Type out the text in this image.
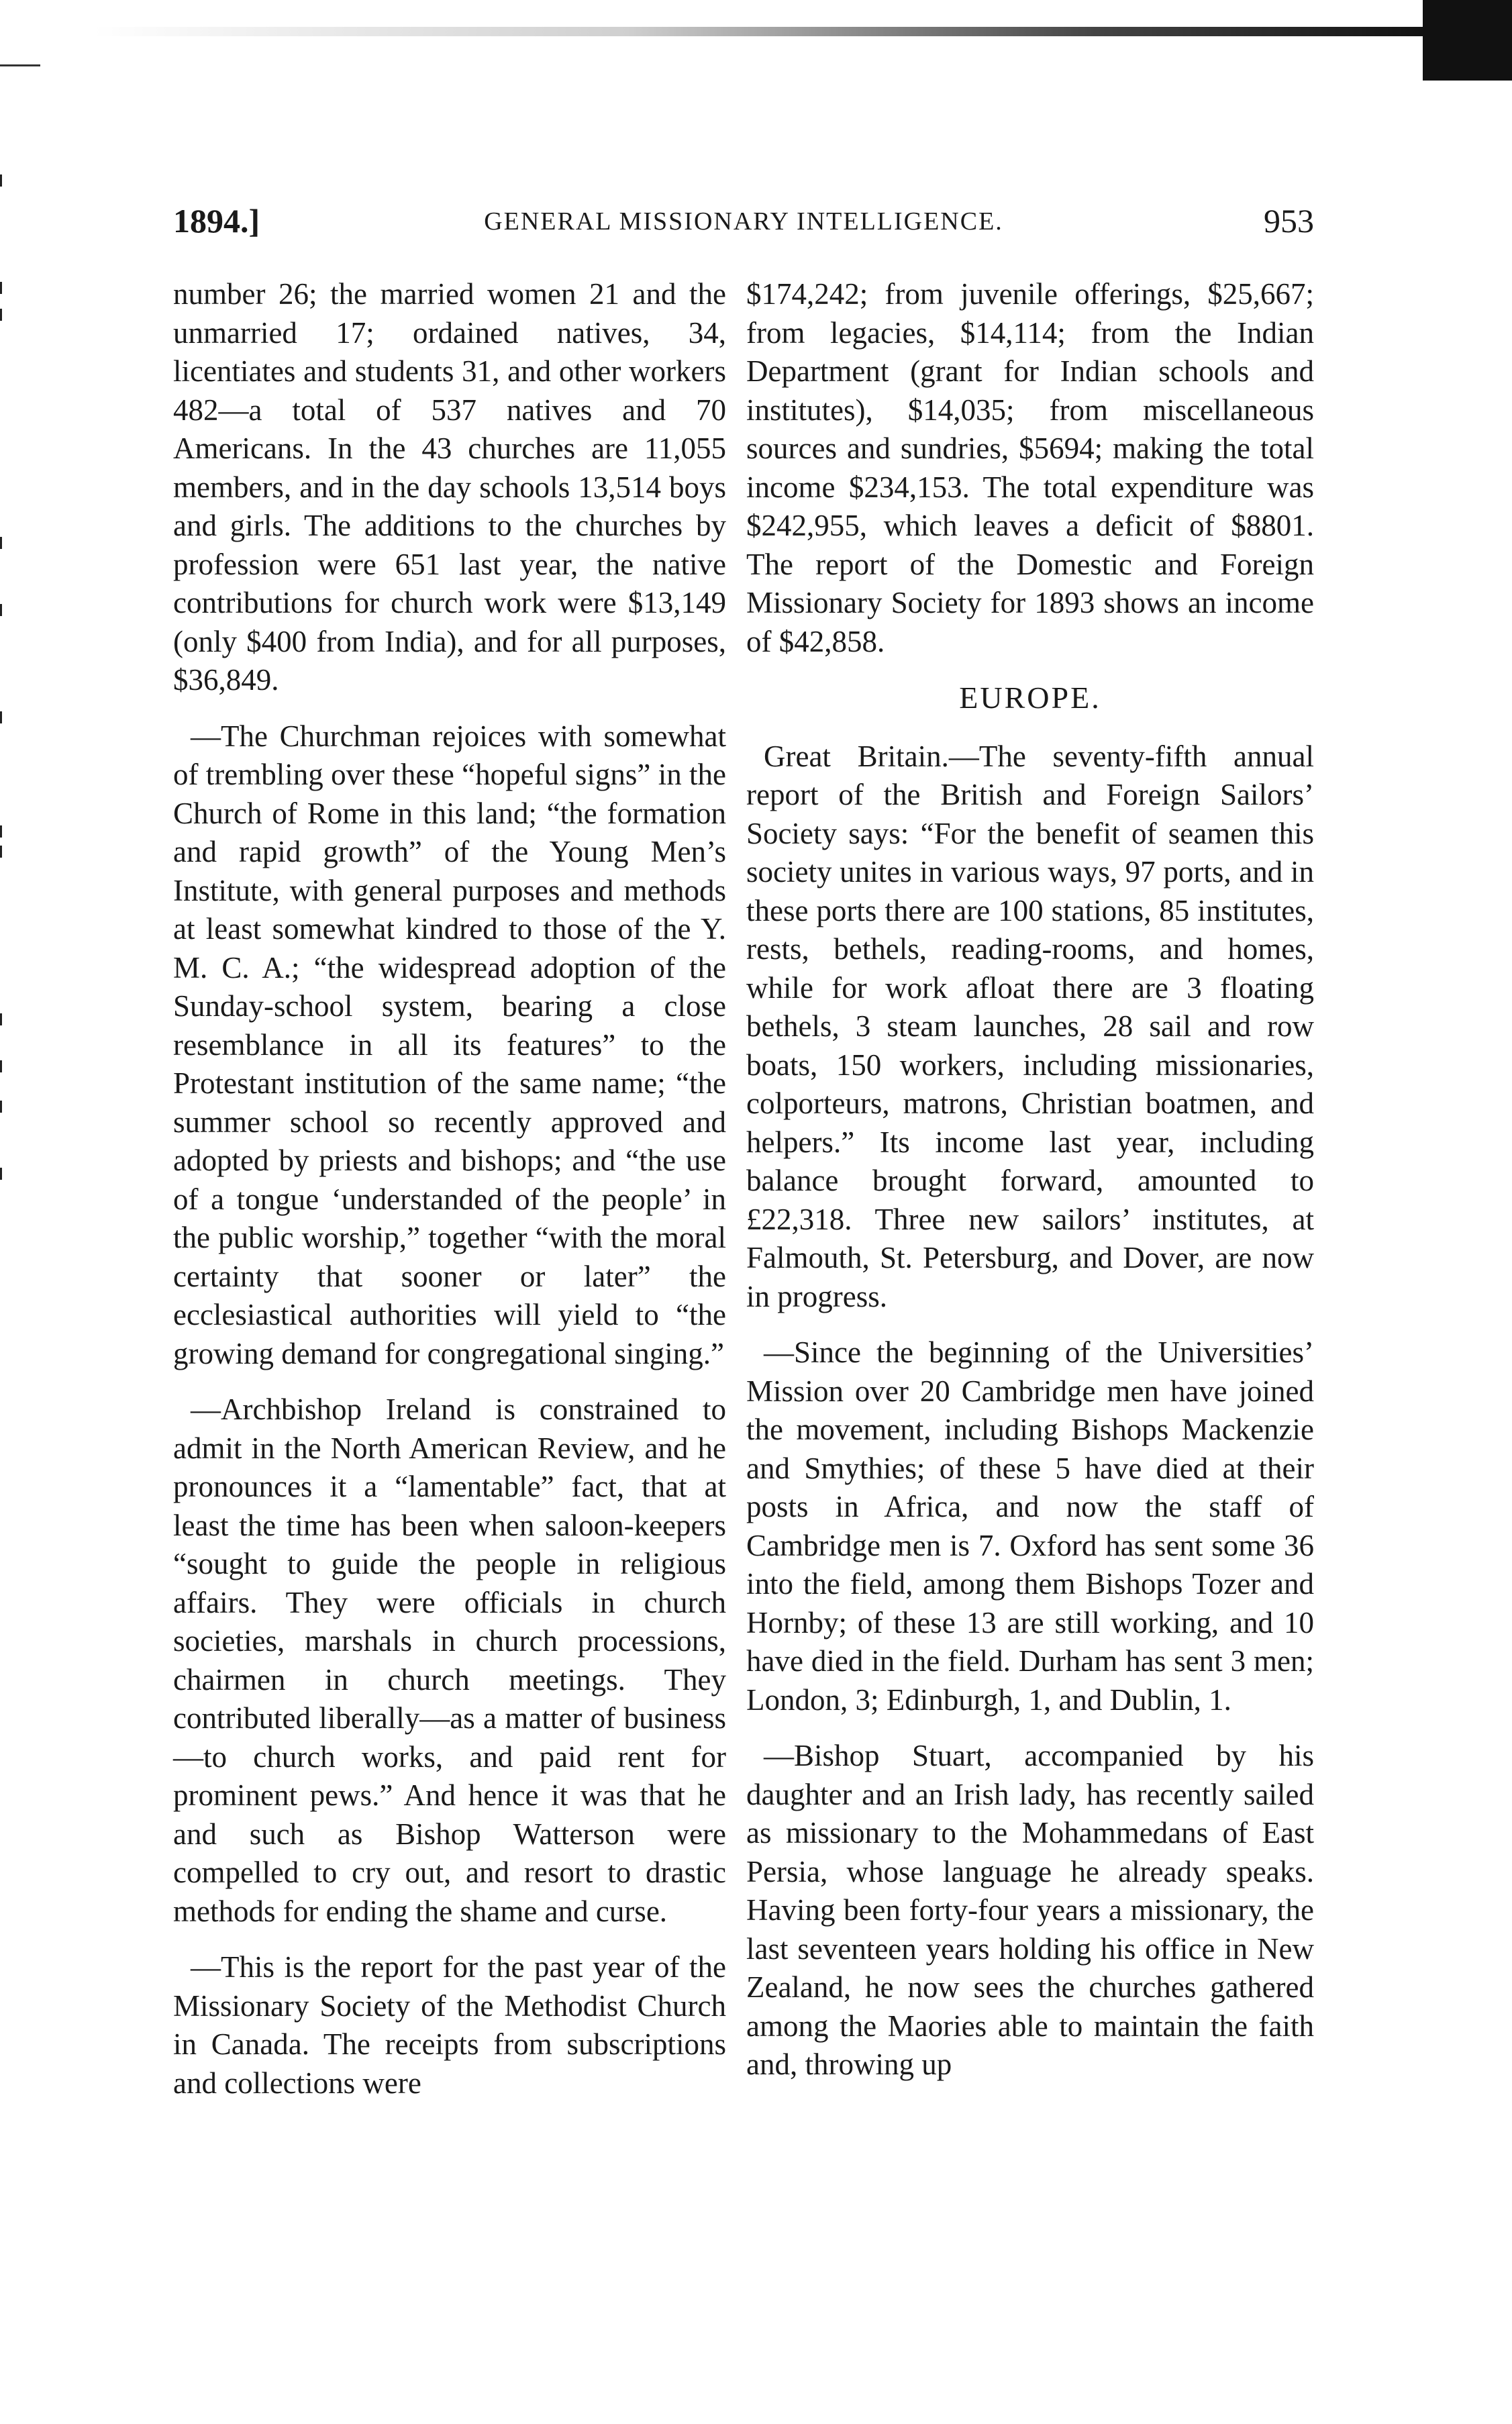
1894.]	GENERAL MISSIONARY INTELLIGENCE.	953

number 26; the married women 21 and the unmarried 17; ordained natives, 34, licentiates and students 31, and other workers 482—a total of 537 natives and 70 Americans. In the 43 churches are 11,055 members, and in the day schools 13,514 boys and girls. The additions to the churches by profession were 651 last year, the native contributions for church work were $13,149 (only $400 from India), and for all purposes, $36,849.

—The Churchman rejoices with somewhat of trembling over these “hopeful signs” in the Church of Rome in this land; “the formation and rapid growth” of the Young Men’s Institute, with general purposes and methods at least somewhat kindred to those of the Y. M. C. A.; “the widespread adoption of the Sunday-school system, bearing a close resemblance in all its features” to the Protestant institution of the same name; “the summer school so recently approved and adopted by priests and bishops; and “the use of a tongue ‘understanded of the people’ in the public worship,” together “with the moral certainty that sooner or later” the ecclesiastical authorities will yield to “the growing demand for congregational singing.”

—Archbishop Ireland is constrained to admit in the North American Review, and he pronounces it a “lamentable” fact, that at least the time has been when saloon-keepers “sought to guide the people in religious affairs. They were officials in church societies, marshals in church processions, chairmen in church meetings. They contributed liberally—as a matter of business—to church works, and paid rent for prominent pews.” And hence it was that he and such as Bishop Watterson were compelled to cry out, and resort to drastic methods for ending the shame and curse.

—This is the report for the past year of the Missionary Society of the Methodist Church in Canada. The receipts from subscriptions and collections were

$174,242; from juvenile offerings, $25,667; from legacies, $14,114; from the Indian Department (grant for Indian schools and institutes), $14,035; from miscellaneous sources and sundries, $5694; making the total income $234,153. The total expenditure was $242,955, which leaves a deficit of $8801. The report of the Domestic and Foreign Missionary Society for 1893 shows an income of $42,858.

EUROPE.

Great Britain.—The seventy-fifth annual report of the British and Foreign Sailors’ Society says: “For the benefit of seamen this society unites in various ways, 97 ports, and in these ports there are 100 stations, 85 institutes, rests, bethels, reading-rooms, and homes, while for work afloat there are 3 floating bethels, 3 steam launches, 28 sail and row boats, 150 workers, including missionaries, colporteurs, matrons, Christian boatmen, and helpers.” Its income last year, including balance brought forward, amounted to £22,318. Three new sailors’ institutes, at Falmouth, St. Petersburg, and Dover, are now in progress.

—Since the beginning of the Universities’ Mission over 20 Cambridge men have joined the movement, including Bishops Mackenzie and Smythies; of these 5 have died at their posts in Africa, and now the staff of Cambridge men is 7. Oxford has sent some 36 into the field, among them Bishops Tozer and Hornby; of these 13 are still working, and 10 have died in the field. Durham has sent 3 men; London, 3; Edinburgh, 1, and Dublin, 1.

—Bishop Stuart, accompanied by his daughter and an Irish lady, has recently sailed as missionary to the Mohammedans of East Persia, whose language he already speaks. Having been forty-four years a missionary, the last seventeen years holding his office in New Zealand, he now sees the churches gathered among the Maories able to maintain the faith and, throwing up
